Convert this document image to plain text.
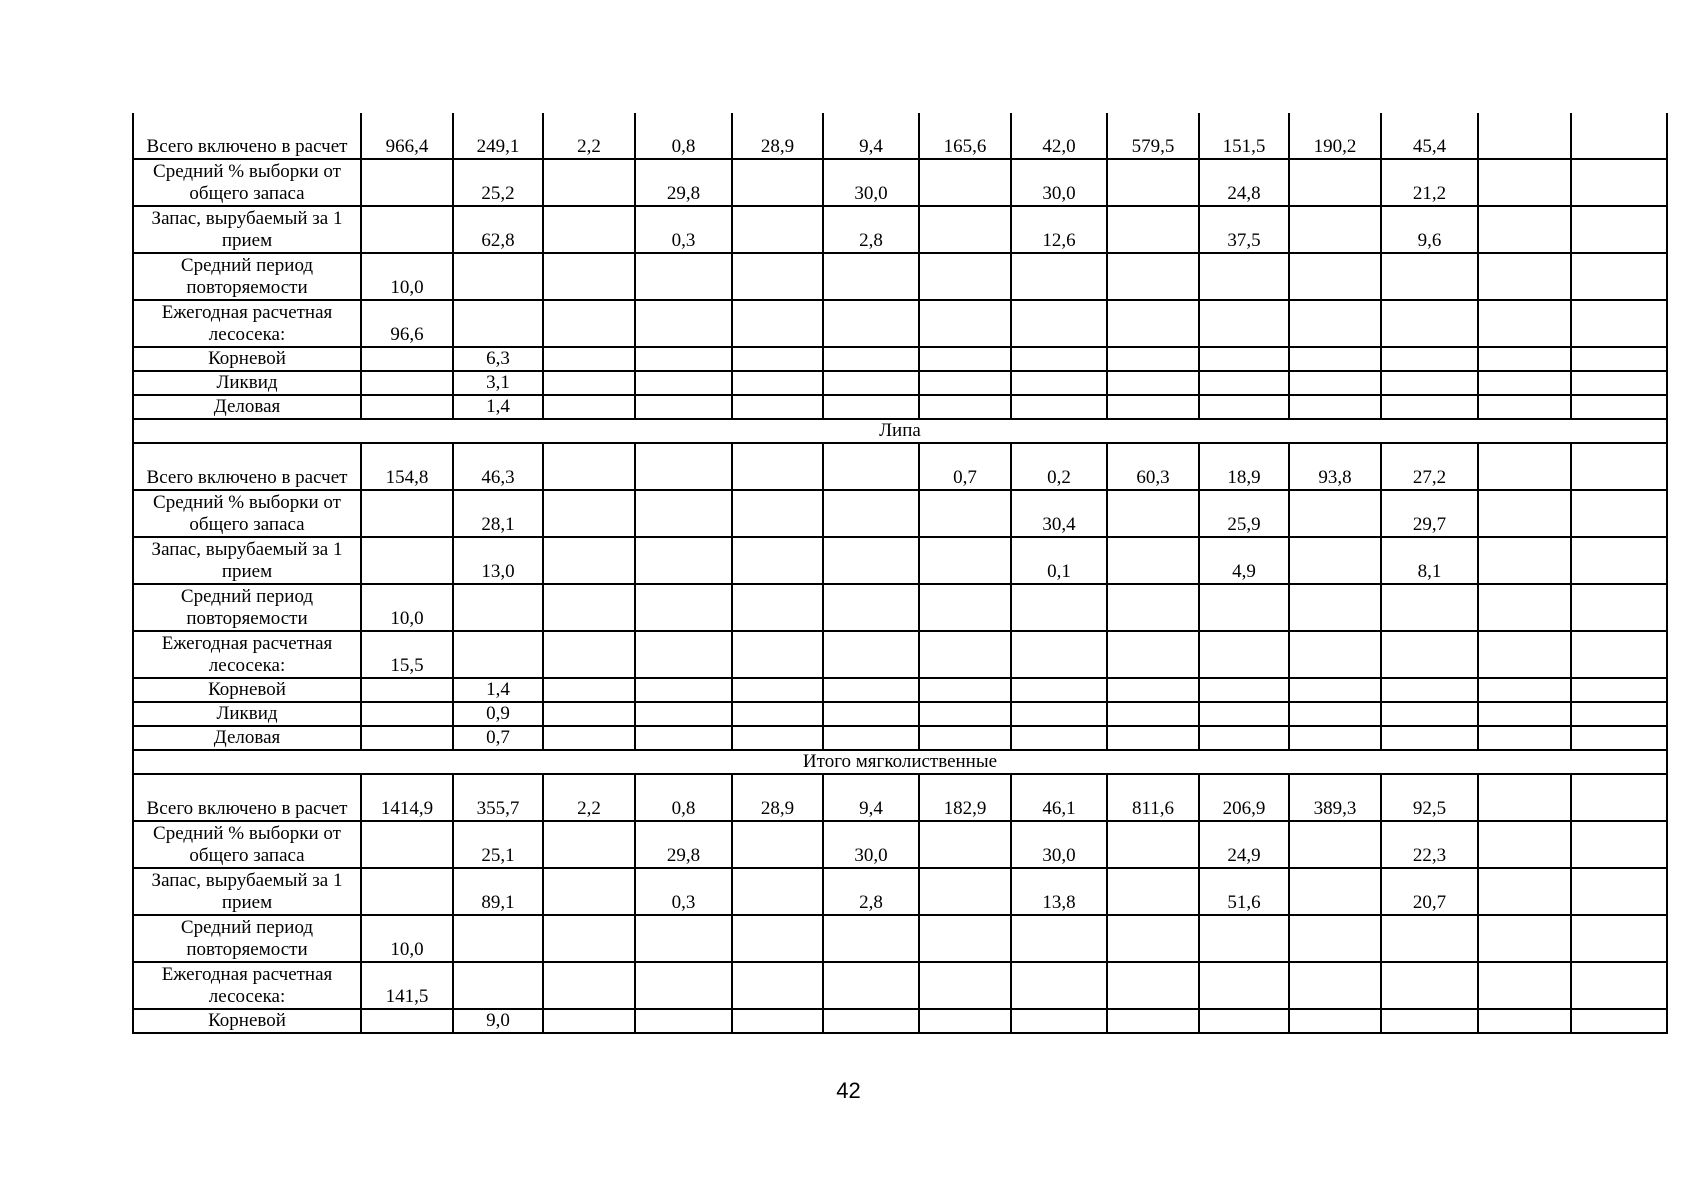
Всего включено в расчет	966,4	249,1	2,2	0,8	28,9	9,4	165,6	42,0	579,5	151,5	190,2	45,4		
Средний % выборки от общего запаса		25,2		29,8		30,0		30,0		24,8		21,2		
Запас, вырубаемый за 1 прием		62,8		0,3		2,8		12,6		37,5		9,6		
Средний период повторяемости	10,0													
Ежегодная расчетная лесосека:	96,6													
Корневой		6,3												
Ликвид		3,1												
Деловая		1,4												
Липа														
Всего включено в расчет	154,8	46,3					0,7	0,2	60,3	18,9	93,8	27,2		
Средний % выборки от общего запаса		28,1						30,4		25,9		29,7		
Запас, вырубаемый за 1 прием		13,0						0,1		4,9		8,1		
Средний период повторяемости	10,0													
Ежегодная расчетная лесосека:	15,5													
Корневой		1,4												
Ликвид		0,9												
Деловая		0,7												
Итого мягколиственные														
Всего включено в расчет	1414,9	355,7	2,2	0,8	28,9	9,4	182,9	46,1	811,6	206,9	389,3	92,5		
Средний % выборки от общего запаса		25,1		29,8		30,0		30,0		24,9		22,3		
Запас, вырубаемый за 1 прием		89,1		0,3		2,8		13,8		51,6		20,7		
Средний период повторяемости	10,0													
Ежегодная расчетная лесосека:	141,5													
Корневой		9,0												
42
